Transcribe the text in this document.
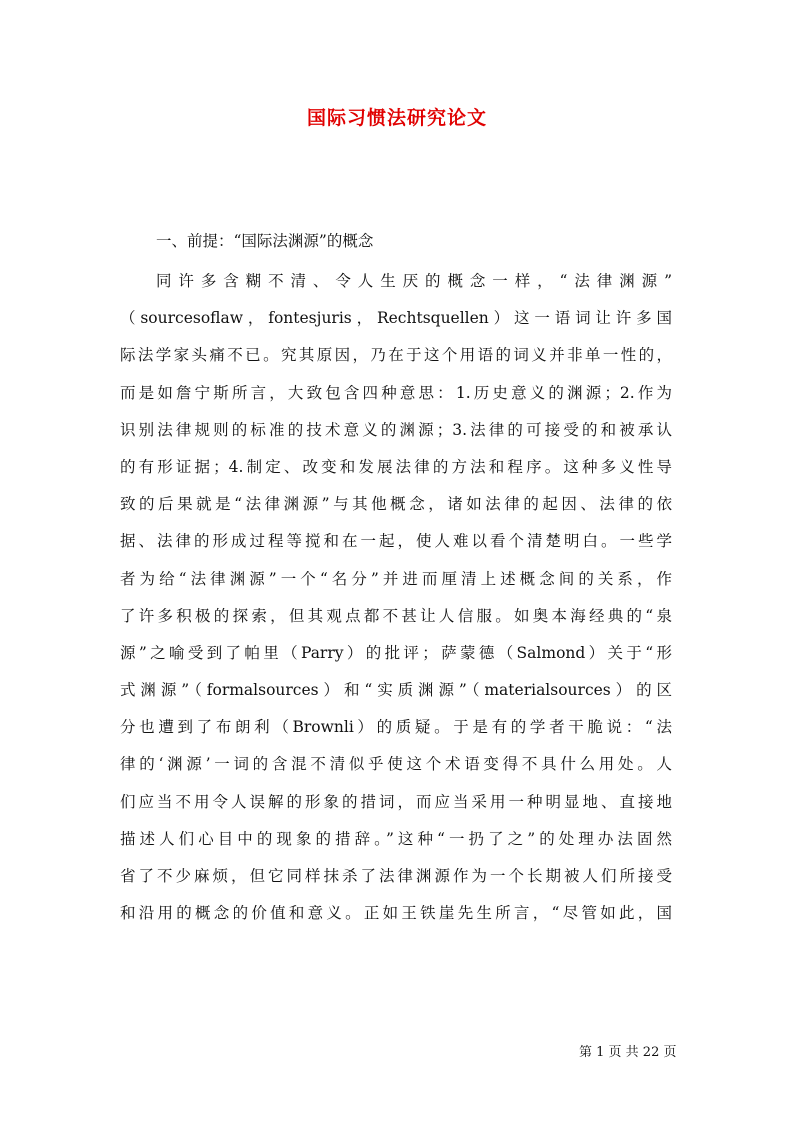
国际习惯法研究论文
一、前提：“国际法渊源”的概念
同许多含糊不清、令人生厌的概念一样，“法律渊源”
（sourcesoflaw，fontesjuris，Rechtsquellen）这一语词让许多国
际法学家头痛不已。究其原因，乃在于这个用语的词义并非单一性的，
而是如詹宁斯所言，大致包含四种意思：1.历史意义的渊源；2.作为
识别法律规则的标准的技术意义的渊源；3.法律的可接受的和被承认
的有形证据；4.制定、改变和发展法律的方法和程序。这种多义性导
致的后果就是“法律渊源”与其他概念，诸如法律的起因、法律的依
据、法律的形成过程等搅和在一起，使人难以看个清楚明白。一些学
者为给“法律渊源”一个“名分”并进而厘清上述概念间的关系，作
了许多积极的探索，但其观点都不甚让人信服。如奥本海经典的“泉
源”之喻受到了帕里（Parry）的批评；萨蒙德（Salmond）关于“形
式渊源”（formalsources）和“实质渊源”（materialsources）的区
分也遭到了布朗利（Brownli）的质疑。于是有的学者干脆说：“法
律的‘渊源’一词的含混不清似乎使这个术语变得不具什么用处。人
们应当不用令人误解的形象的措词，而应当采用一种明显地、直接地
描述人们心目中的现象的措辞。”这种“一扔了之”的处理办法固然
省了不少麻烦，但它同样抹杀了法律渊源作为一个长期被人们所接受
和沿用的概念的价值和意义。正如王铁崖先生所言，“尽管如此，国
第 1 页 共 22 页
